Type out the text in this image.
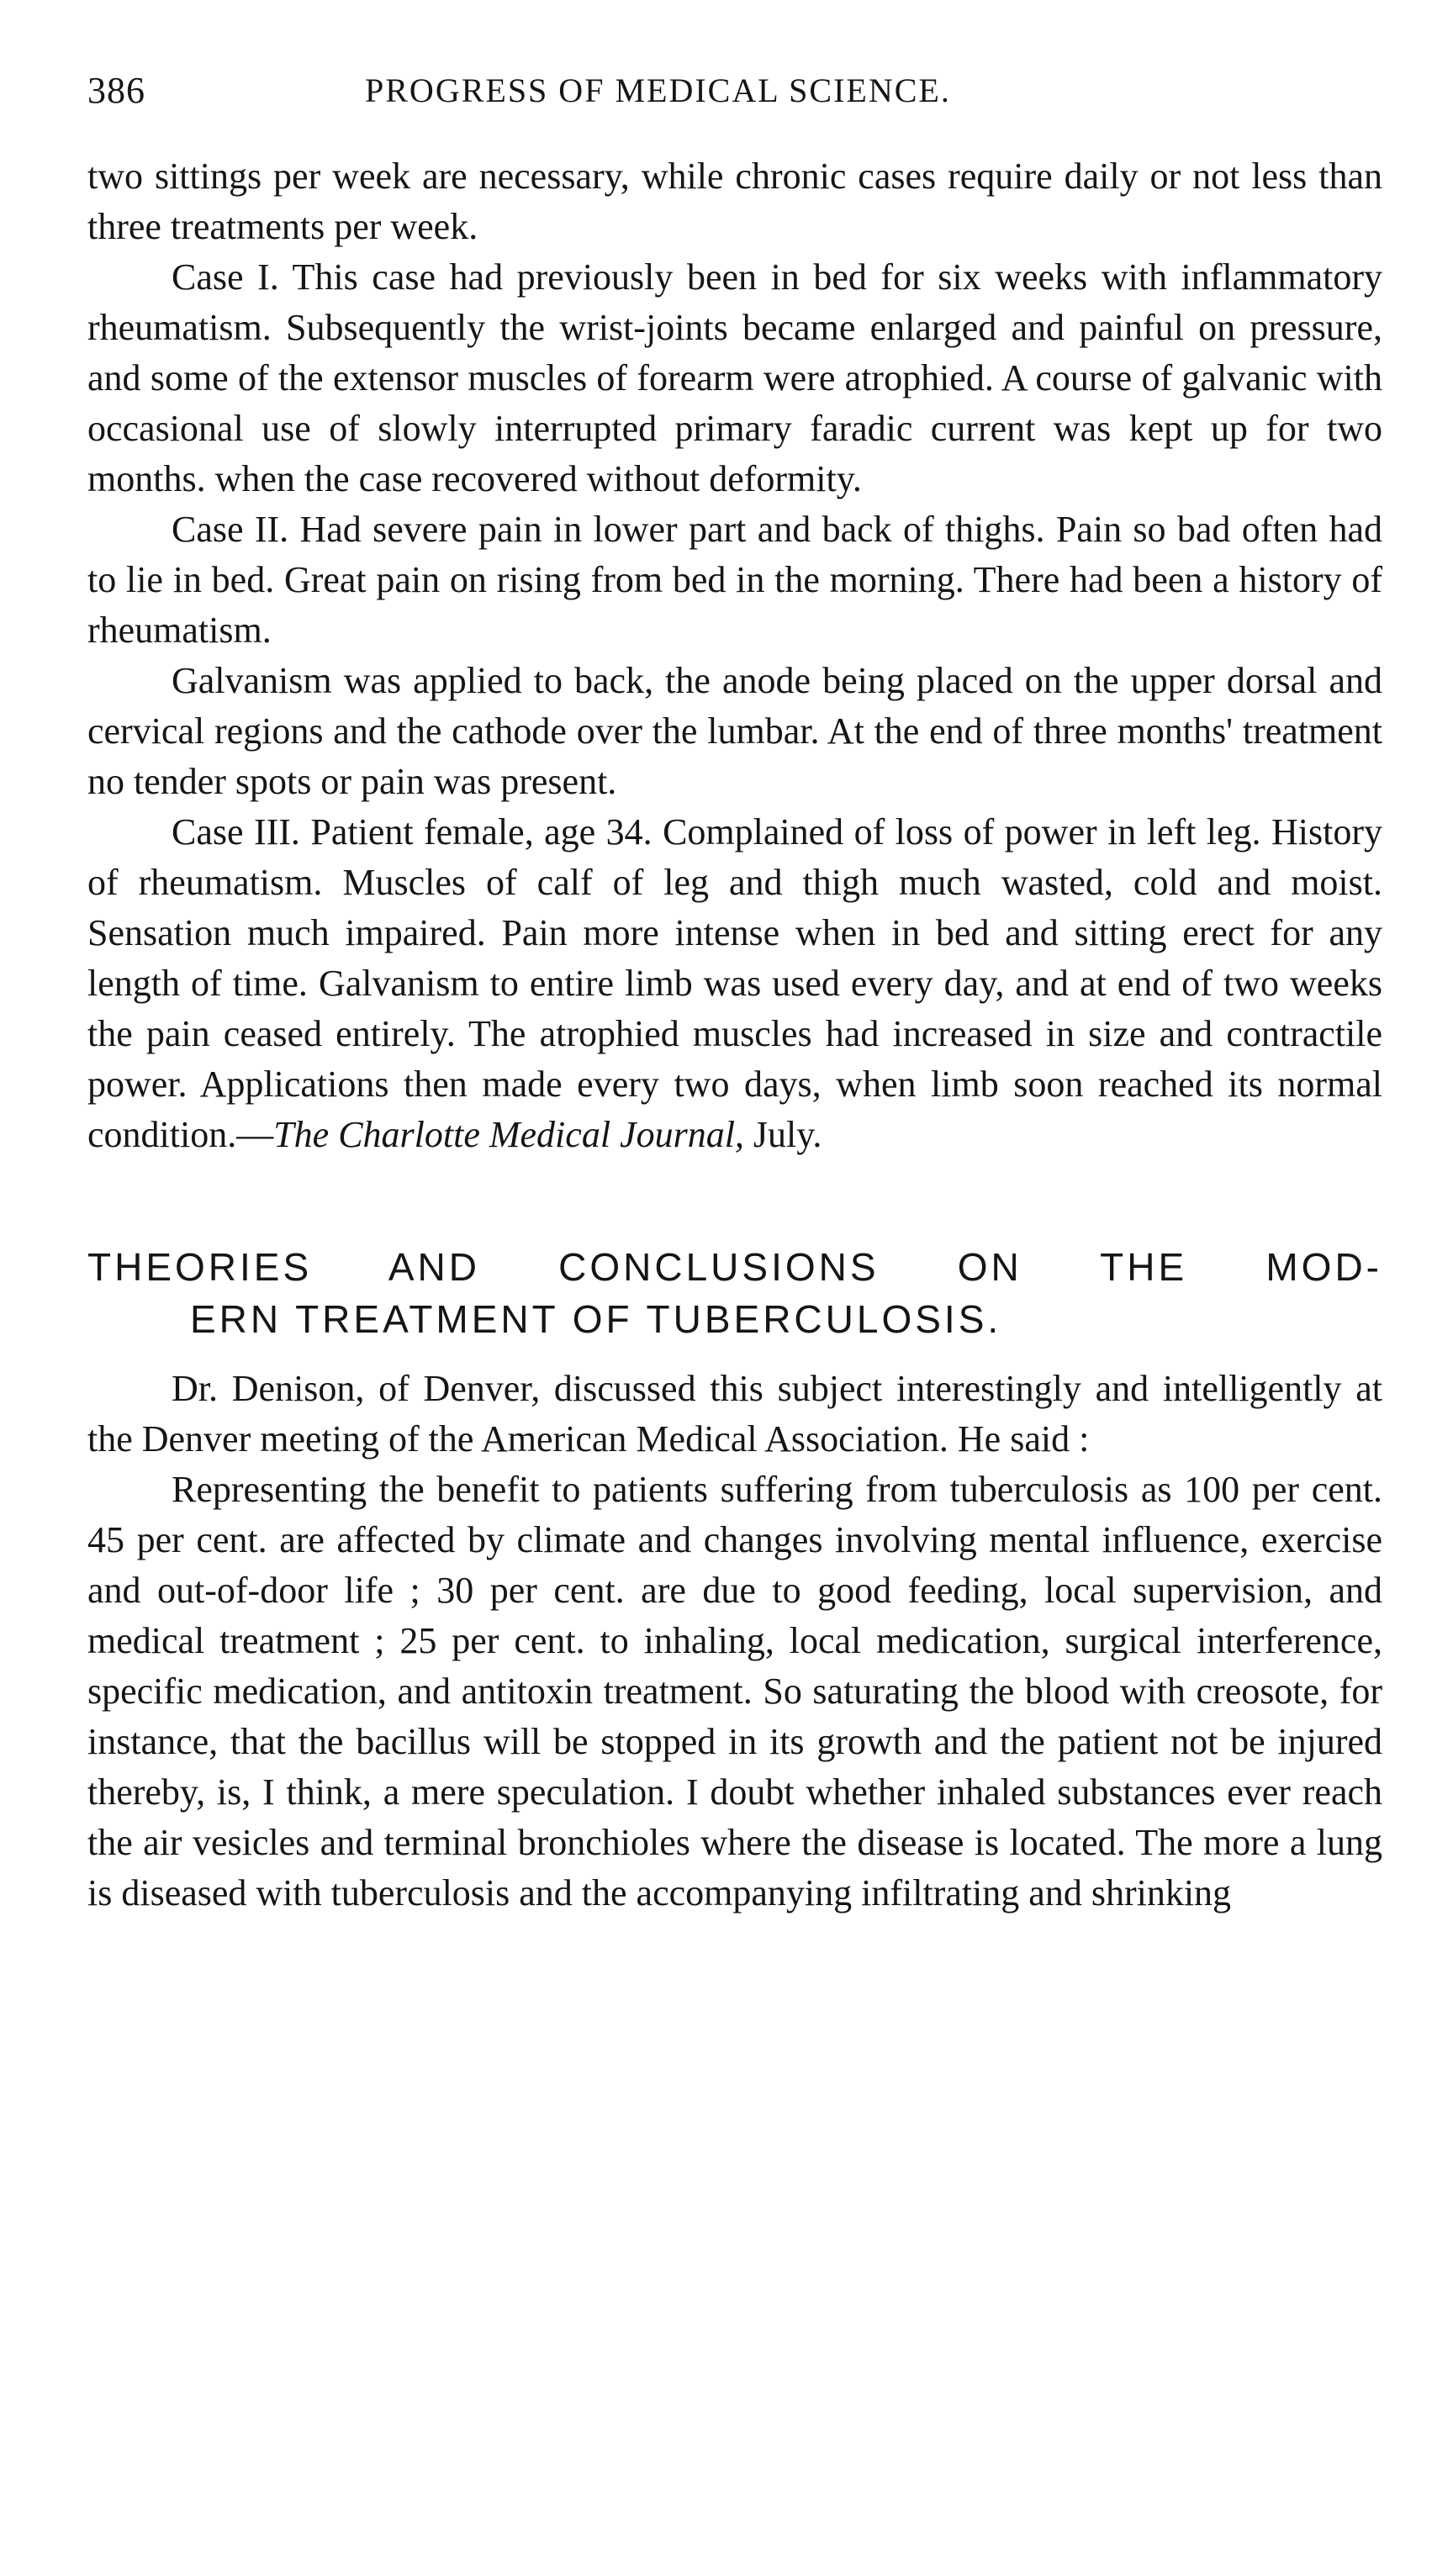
386	PROGRESS OF MEDICAL SCIENCE.

two sittings per week are necessary, while chronic cases require daily or not less than three treatments per week.

Case I. This case had previously been in bed for six weeks with inflammatory rheumatism. Subsequently the wrist-joints became enlarged and painful on pressure, and some of the extensor muscles of forearm were atrophied. A course of galvanic with occasional use of slowly interrupted primary faradic current was kept up for two months. when the case recovered without deformity.

Case II. Had severe pain in lower part and back of thighs. Pain so bad often had to lie in bed. Great pain on rising from bed in the morning. There had been a history of rheumatism.

Galvanism was applied to back, the anode being placed on the upper dorsal and cervical regions and the cathode over the lumbar. At the end of three months' treatment no tender spots or pain was present.

Case III. Patient female, age 34. Complained of loss of power in left leg. History of rheumatism. Muscles of calf of leg and thigh much wasted, cold and moist. Sensation much impaired. Pain more intense when in bed and sitting erect for any length of time. Galvanism to entire limb was used every day, and at end of two weeks the pain ceased entirely. The atrophied muscles had increased in size and contractile power. Applications then made every two days, when limb soon reached its normal condition.—The Charlotte Medical Journal, July.

THEORIES AND CONCLUSIONS ON THE MOD-
ERN TREATMENT OF TUBERCULOSIS.

Dr. Denison, of Denver, discussed this subject interestingly and intelligently at the Denver meeting of the American Medical Association. He said :

Representing the benefit to patients suffering from tuberculosis as 100 per cent. 45 per cent. are affected by climate and changes involving mental influence, exercise and out-of-door life ; 30 per cent. are due to good feeding, local supervision, and medical treatment ; 25 per cent. to inhaling, local medication, surgical interference, specific medication, and antitoxin treatment. So saturating the blood with creosote, for instance, that the bacillus will be stopped in its growth and the patient not be injured thereby, is, I think, a mere speculation. I doubt whether inhaled substances ever reach the air vesicles and terminal bronchioles where the disease is located. The more a lung is diseased with tuberculosis and the accompanying infiltrating and shrinking
